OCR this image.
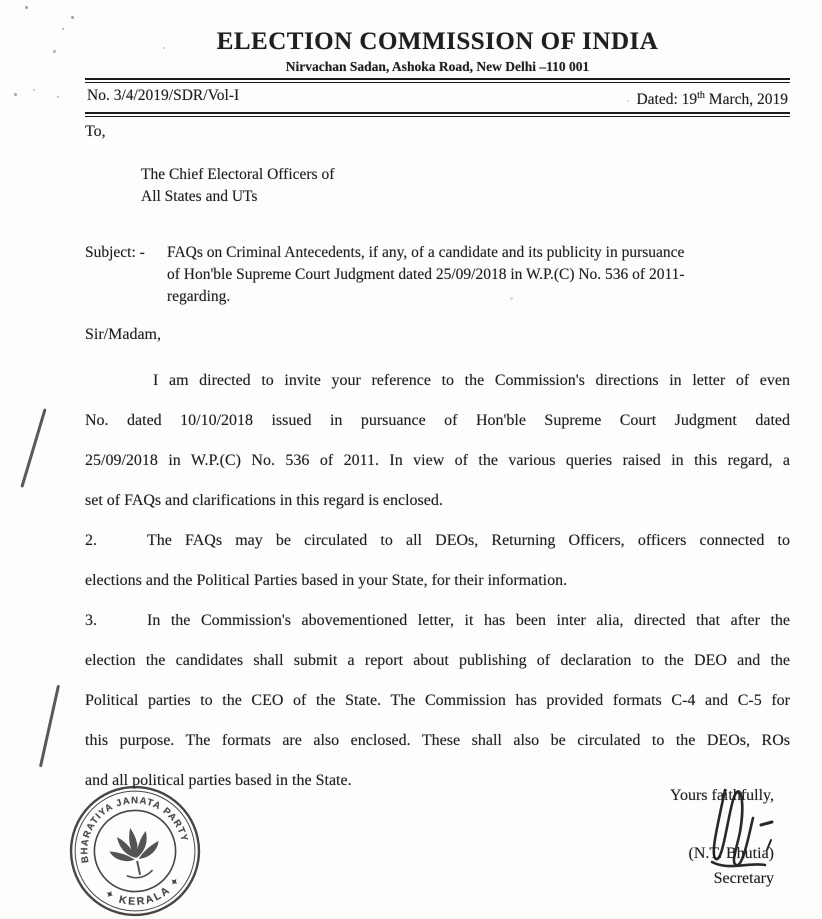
ELECTION COMMISSION OF INDIA
Nirvachan Sadan, Ashoka Road, New Delhi –110 001
No. 3/4/2019/SDR/Vol-I	Dated: 19th March, 2019
To,
The Chief Electoral Officers of
All States and UTs
Subject: -	FAQs on Criminal Antecedents, if any, of a candidate and its publicity in pursuance
of Hon'ble Supreme Court Judgment dated 25/09/2018 in W.P.(C) No. 536 of 2011-
regarding.
Sir/Madam,
I am directed to invite your reference to the Commission's directions in letter of even
No. dated 10/10/2018 issued in pursuance of Hon'ble Supreme Court Judgment dated
25/09/2018 in W.P.(C) No. 536 of 2011. In view of the various queries raised in this regard, a
set of FAQs and clarifications in this regard is enclosed.
2.	The FAQs may be circulated to all DEOs, Returning Officers, officers connected to
elections and the Political Parties based in your State, for their information.
3.	In the Commission's abovementioned letter, it has been inter alia, directed that after the
election the candidates shall submit a report about publishing of declaration to the DEO and the
Political parties to the CEO of the State. The Commission has provided formats C-4 and C-5 for
this purpose. The formats are also enclosed. These shall also be circulated to the DEOs, ROs
and all political parties based in the State.
Yours faithfully,
(N.T. Bhutia)
Secretary
BHARATIYA JANATA PARTY
✦ KERALA ✦
